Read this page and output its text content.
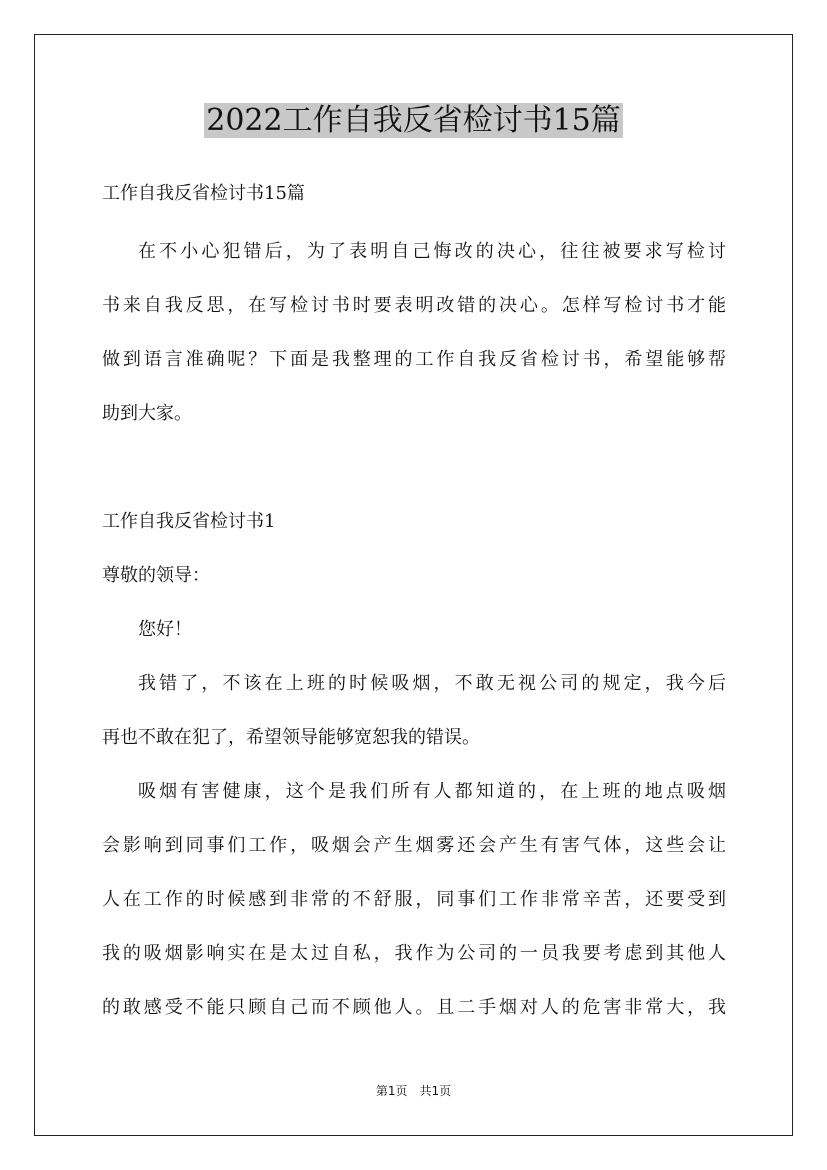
2022工作自我反省检讨书15篇
工作自我反省检讨书15篇

在不小心犯错后，为了表明自己悔改的决心，往往被要求写检讨

书来自我反思，在写检讨书时要表明改错的决心。怎样写检讨书才能

做到语言准确呢？下面是我整理的工作自我反省检讨书，希望能够帮

助到大家。

工作自我反省检讨书1
尊敬的领导：

您好！

我错了，不该在上班的时候吸烟，不敢无视公司的规定，我今后

再也不敢在犯了，希望领导能够宽恕我的错误。

吸烟有害健康，这个是我们所有人都知道的，在上班的地点吸烟

会影响到同事们工作，吸烟会产生烟雾还会产生有害气体，这些会让

人在工作的时候感到非常的不舒服，同事们工作非常辛苦，还要受到

我的吸烟影响实在是太过自私，我作为公司的一员我要考虑到其他人

的敢感受不能只顾自己而不顾他人。且二手烟对人的危害非常大，我

第1页　共1页
